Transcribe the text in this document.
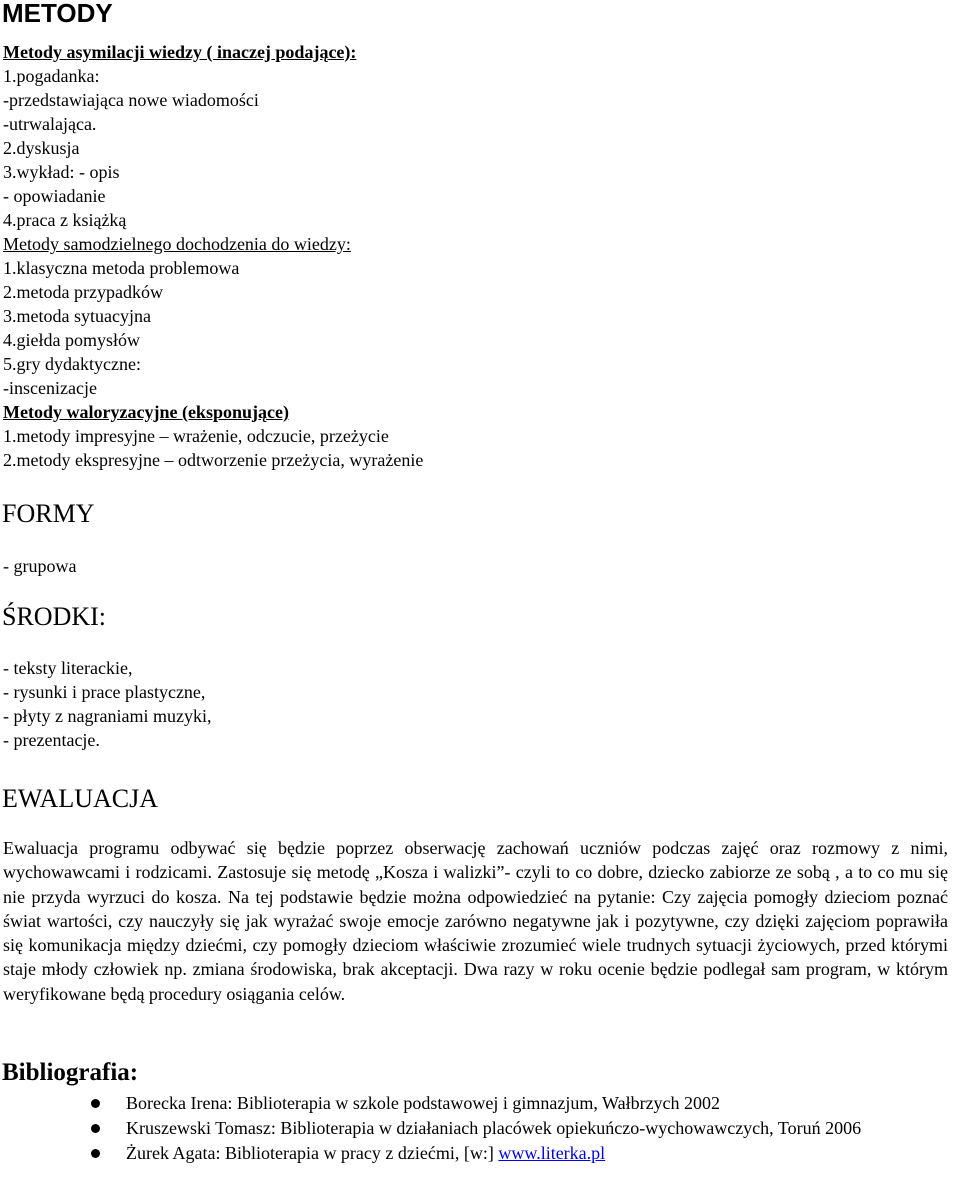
METODY
Metody asymilacji wiedzy ( inaczej podające):
1.pogadanka:
-przedstawiająca nowe wiadomości
-utrwalająca.
2.dyskusja
3.wykład: - opis
- opowiadanie
4.praca z książką
Metody samodzielnego dochodzenia do wiedzy:
1.klasyczna metoda problemowa
2.metoda przypadków
3.metoda sytuacyjna
4.giełda pomysłów
5.gry dydaktyczne:
-inscenizacje
Metody waloryzacyjne (eksponujące)
1.metody impresyjne – wrażenie, odczucie, przeżycie
2.metody ekspresyjne – odtworzenie przeżycia, wyrażenie
FORMY
- grupowa
ŚRODKI:
- teksty literackie,
- rysunki i prace plastyczne,
- płyty z nagraniami muzyki,
- prezentacje.
EWALUACJA

Ewaluacja programu odbywać się będzie poprzez obserwację zachowań uczniów podczas zajęć oraz rozmowy z nimi, wychowawcami i rodzicami. Zastosuje się metodę „Kosza i walizki”- czyli to co dobre, dziecko zabiorze ze sobą , a to co mu się nie przyda wyrzuci do kosza. Na tej podstawie będzie można odpowiedzieć na pytanie: Czy zajęcia pomogły dzieciom poznać świat wartości, czy nauczyły się jak wyrażać swoje emocje zarówno negatywne jak i pozytywne, czy dzięki zajęciom poprawiła się komunikacja między dziećmi, czy pomogły dzieciom właściwie zrozumieć wiele trudnych sytuacji życiowych, przed którymi staje młody człowiek np. zmiana środowiska, brak akceptacji. Dwa razy w roku ocenie będzie podlegał sam program, w którym weryfikowane będą procedury osiągania celów.

Bibliografia:
Borecka Irena: Biblioterapia w szkole podstawowej i gimnazjum, Wałbrzych 2002
Kruszewski Tomasz: Biblioterapia w działaniach placówek opiekuńczo-wychowawczych, Toruń 2006
Żurek Agata: Biblioterapia w pracy z dziećmi, [w:] www.literka.pl
